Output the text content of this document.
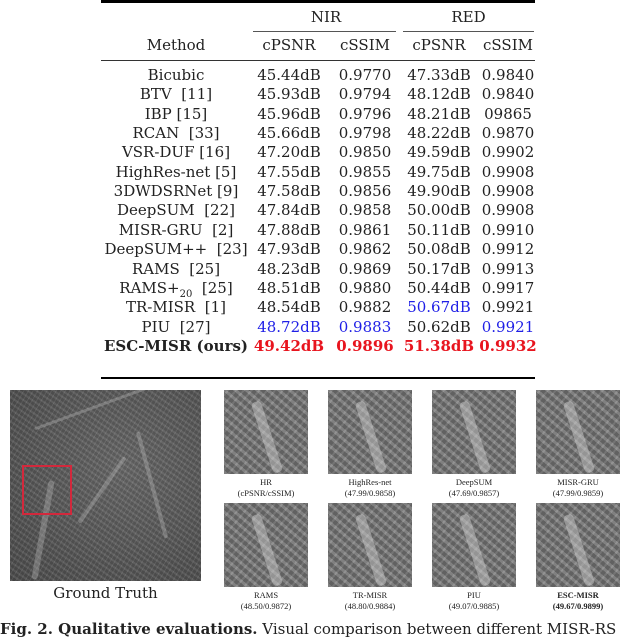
NIR	RED
Method	cPSNR	cSSIM	cPSNR	cSSIM
Bicubic	45.44dB	0.9770	47.33dB 0.9840
BTV  [11]	45.93dB	0.9794	48.12dB 0.9840
IBP [15]	45.96dB	0.9796	48.21dB 09865
RCAN  [33]	45.66dB	0.9798	48.22dB 0.9870
VSR-DUF [16]	47.20dB	0.9850	49.59dB 0.9902
HighRes-net [5]	47.55dB	0.9855	49.75dB 0.9908
3DWDSRNet [9]	47.58dB	0.9856	49.90dB 0.9908
DeepSUM  [22]	47.84dB	0.9858	50.00dB 0.9908
MISR-GRU  [2]	47.88dB	0.9861	50.11dB 0.9910
DeepSUM++  [23] 47.93dB	0.9862	50.08dB 0.9912
RAMS  [25]	48.23dB	0.9869	50.17dB 0.9913
$RAMS+_{20}$  [25]	48.51dB	0.9880	50.44dB 0.9917
TR-MISR  [1]	48.54dB	0.9882	50.67dB 0.9921
PIU  [27]	48.72dB	0.9883	50.62dB 0.9921
ESC-MISR (ours) 49.42dB 0.9896 51.38dB 0.9932
Ground Truth
HR
(cPSNR/cSSIM)
HighRes-net
(47.99/0.9858)
DeepSUM
(47.69/0.9857)
MISR-GRU
(47.99/0.9859)
RAMS
(48.50/0.9872)
TR-MISR
(48.80/0.9884)
PIU
(49.07/0.9885)
ESC-MISR
(49.67/0.9899)
Fig. 2. Qualitative evaluations. Visual comparison between different MISR-RS
